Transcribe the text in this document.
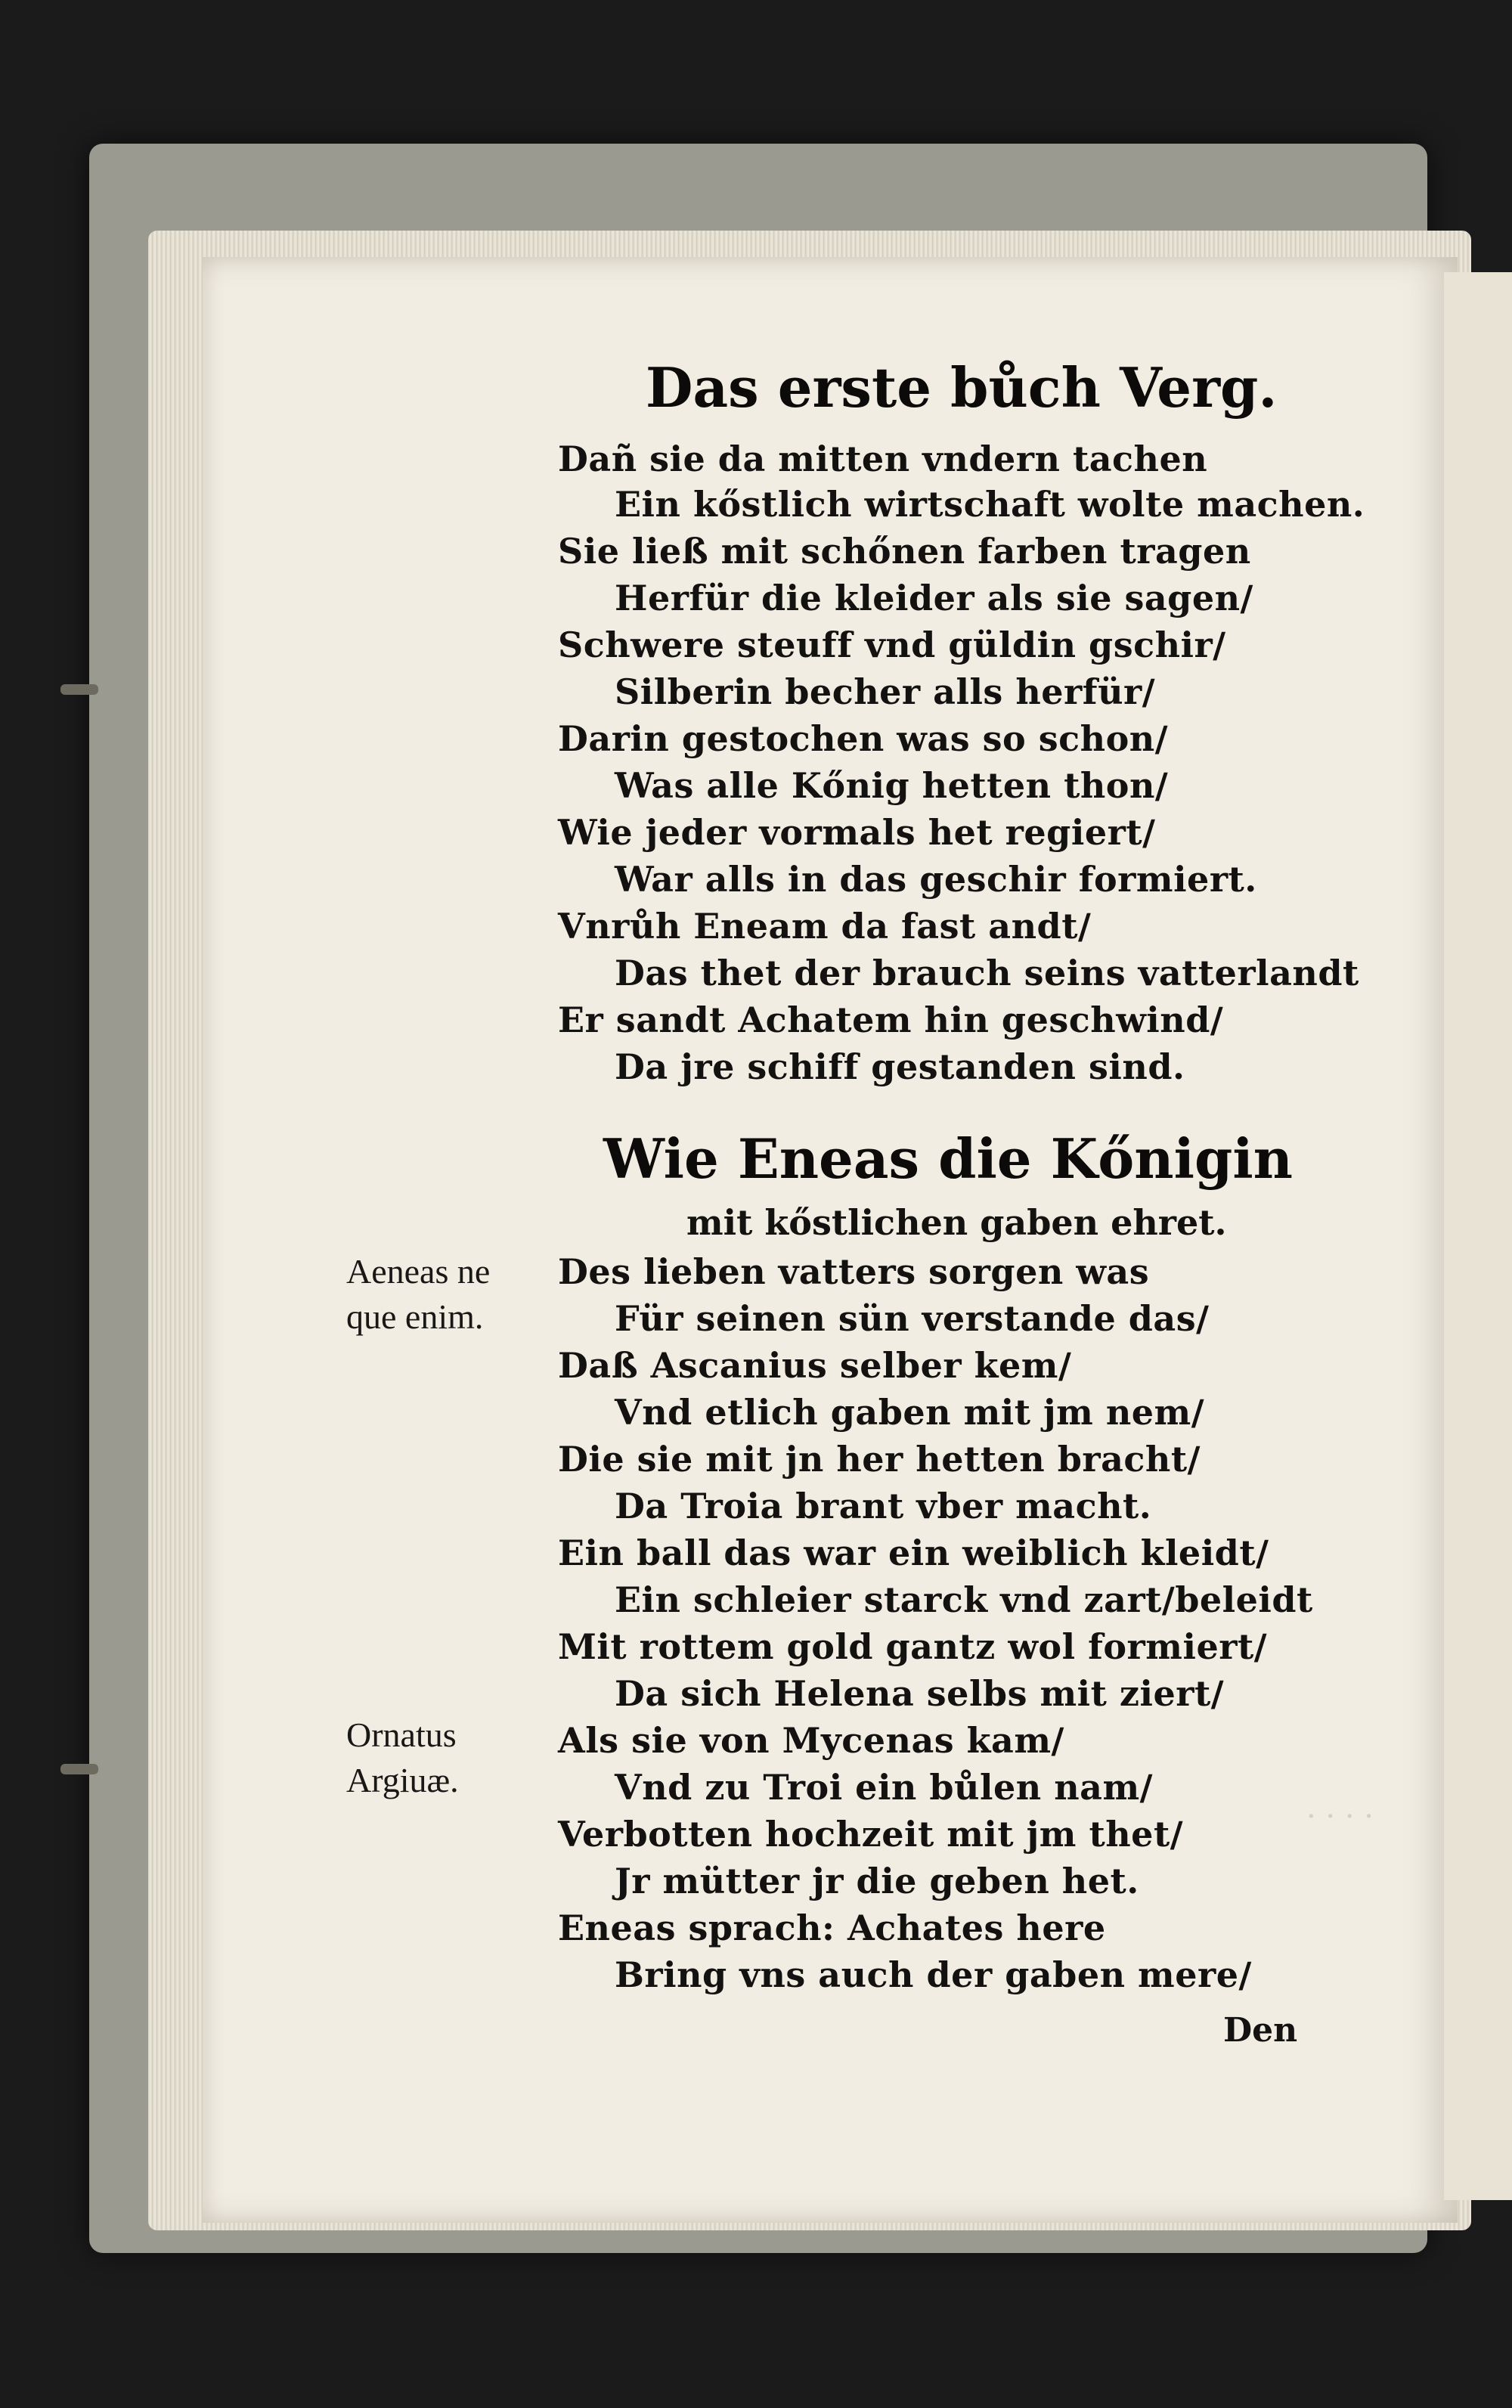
· · · ·
Das erste bůch Verg.
Dañ sie da mitten vndern tachen
Ein kőstlich wirtschaft wolte machen.
Sie ließ mit schőnen farben tragen
Herfür die kleider als sie sagen/
Schwere steuff vnd güldin gschir/
Silberin becher alls herfür/
Darin gestochen was so schon/
Was alle Kőnig hetten thon/
Wie jeder vormals het regiert/
War alls in das geschir formiert.
Vnrůh Eneam da fast andt/
Das thet der brauch seins vatterlandt
Er sandt Achatem hin geschwind/
Da jre schiff gestanden sind.
Wie Eneas die Kőnigin
mit kőstlichen gaben ehret.
Aeneas ne
que enim.
Des lieben vatters sorgen was
Für seinen sün verstande das/
Daß Ascanius selber kem/
Vnd etlich gaben mit jm nem/
Die sie mit jn her hetten bracht/
Da Troia brant vber macht.
Ein ball das war ein weiblich kleidt/
Ein schleier starck vnd zart/beleidt
Mit rottem gold gantz wol formiert/
Da sich Helena selbs mit ziert/
Ornatus
Argiuæ.
Als sie von Mycenas kam/
Vnd zu Troi ein bůlen nam/
Verbotten hochzeit mit jm thet/
Jr mütter jr die geben het.
Eneas sprach: Achates here
Bring vns auch der gaben mere/
Den
